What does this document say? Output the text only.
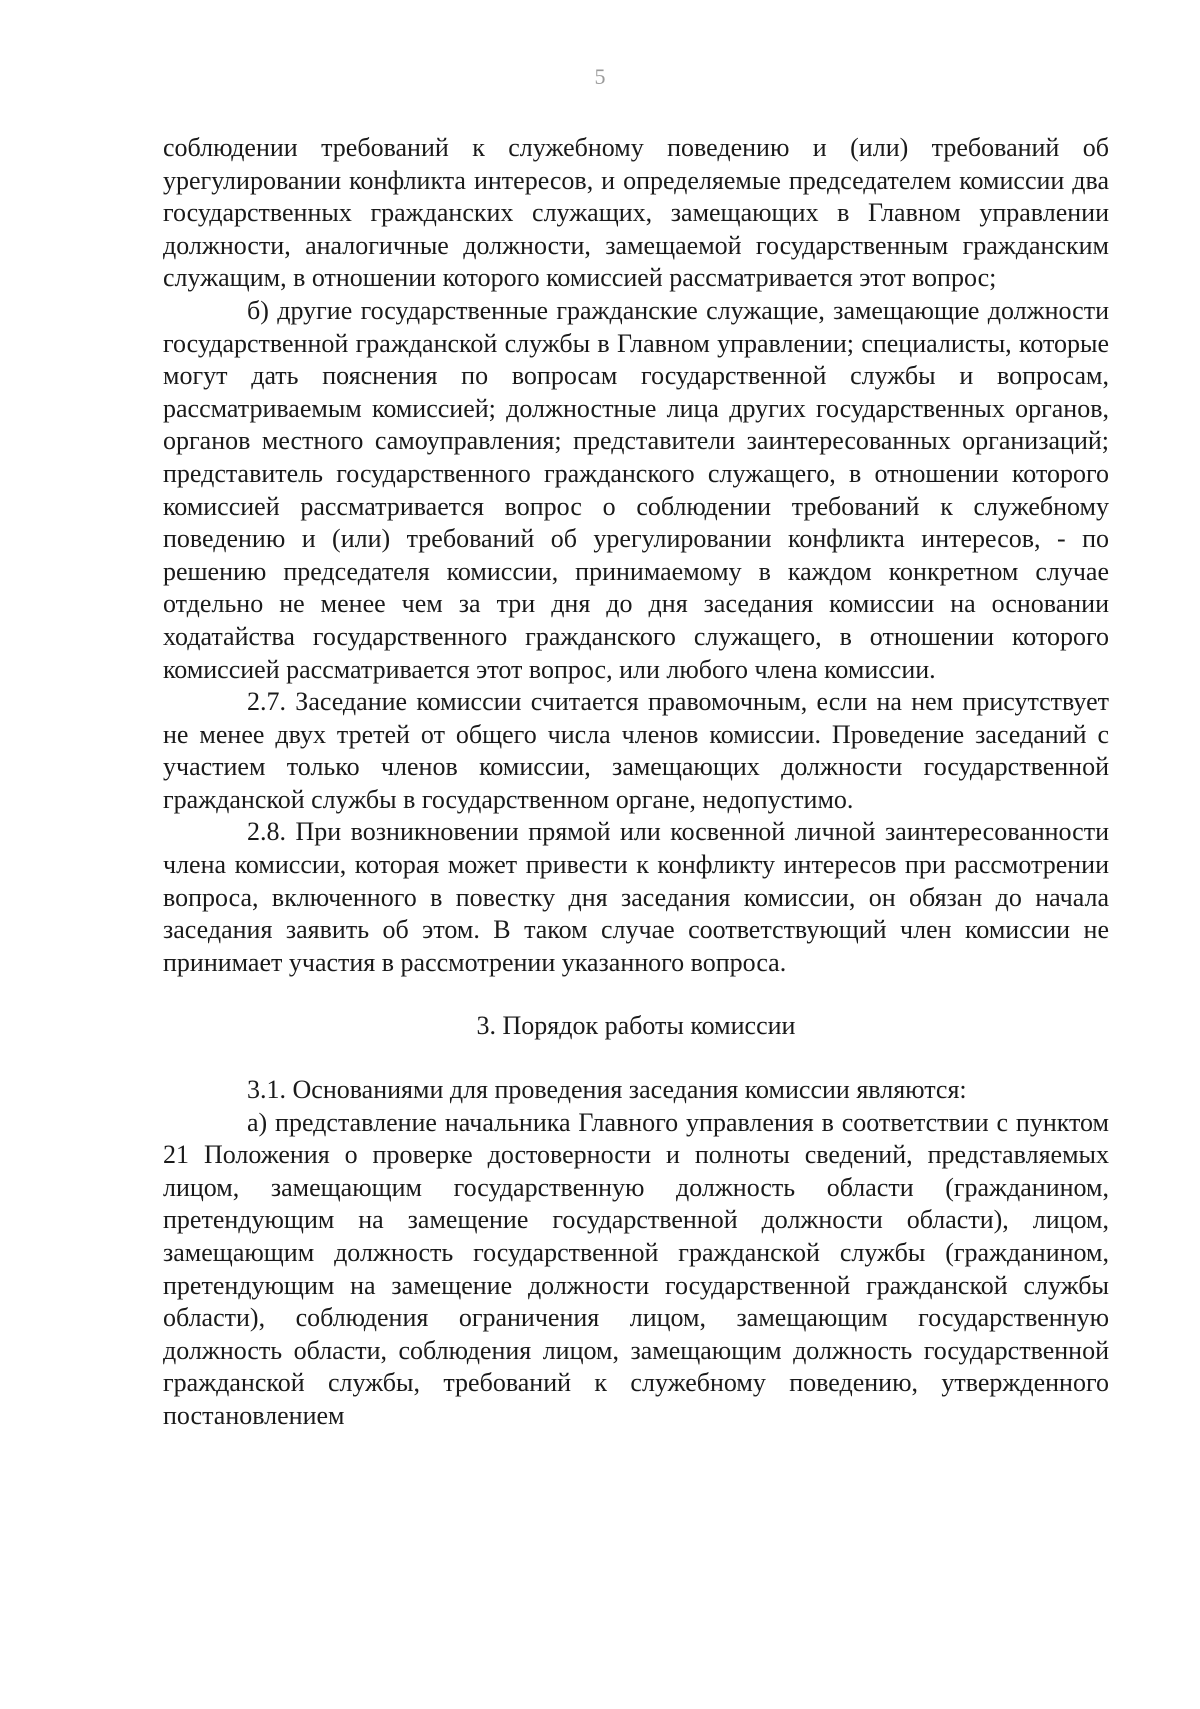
5

соблюдении требований к служебному поведению и (или) требований об урегулировании конфликта интересов, и определяемые председателем комиссии два государственных гражданских служащих, замещающих в Главном управлении должности, аналогичные должности, замещаемой государственным гражданским служащим, в отношении которого комиссией рассматривается этот вопрос;

б) другие государственные гражданские служащие, замещающие должности государственной гражданской службы в Главном управлении; специалисты, которые могут дать пояснения по вопросам государственной службы и вопросам, рассматриваемым комиссией; должностные лица других государственных органов, органов местного самоуправления; представители заинтересованных организаций; представитель государственного гражданского служащего, в отношении которого комиссией рассматривается вопрос о соблюдении требований к служебному поведению и (или) требований об урегулировании конфликта интересов, - по решению председателя комиссии, принимаемому в каждом конкретном случае отдельно не менее чем за три дня до дня заседания комиссии на основании ходатайства государственного гражданского служащего, в отношении которого комиссией рассматривается этот вопрос, или любого члена комиссии.

2.7. Заседание комиссии считается правомочным, если на нем присутствует не менее двух третей от общего числа членов комиссии. Проведение заседаний с участием только членов комиссии, замещающих должности государственной гражданской службы в государственном органе, недопустимо.

2.8. При возникновении прямой или косвенной личной заинтересованности члена комиссии, которая может привести к конфликту интересов при рассмотрении вопроса, включенного в повестку дня заседания комиссии, он обязан до начала заседания заявить об этом. В таком случае соответствующий член комиссии не принимает участия в рассмотрении указанного вопроса.

3. Порядок работы комиссии

3.1. Основаниями для проведения заседания комиссии являются:

а) представление начальника Главного управления в соответствии с пунктом 21 Положения о проверке достоверности и полноты сведений, представляемых лицом, замещающим государственную должность области (гражданином, претендующим на замещение государственной должности области), лицом, замещающим должность государственной гражданской службы (гражданином, претендующим на замещение должности государственной гражданской службы области), соблюдения ограничения лицом, замещающим государственную должность области, соблюдения лицом, замещающим должность государственной гражданской службы, требований к служебному поведению, утвержденного постановлением
